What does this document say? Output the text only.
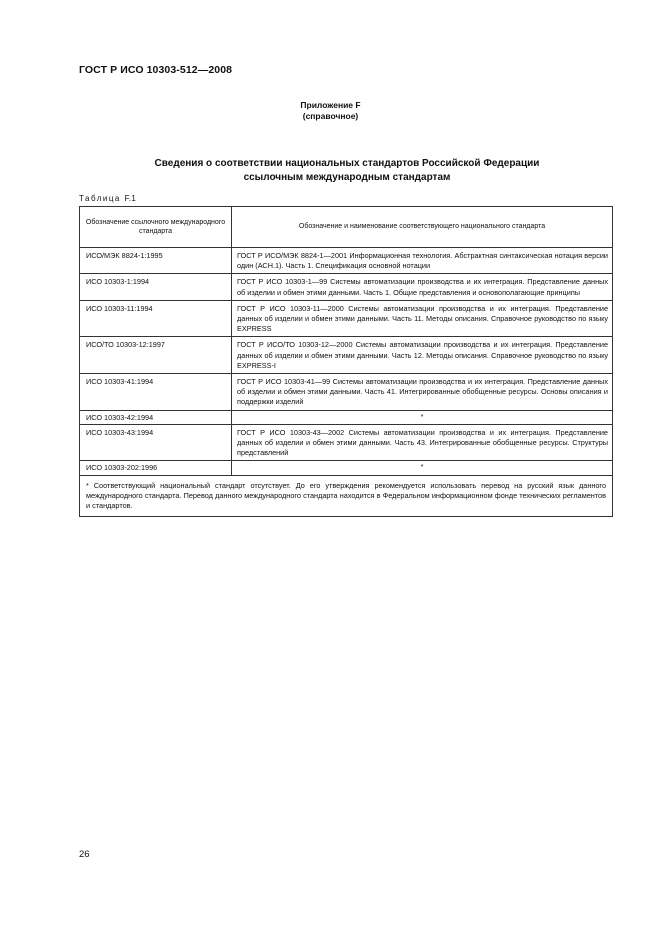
ГОСТ Р ИСО 10303-512—2008
Приложение F
(справочное)
Сведения о соответствии национальных стандартов Российской Федерации
ссылочным международным стандартам
Таблица F.1
Обозначение ссылочного международного стандарта	Обозначение и наименование соответствующего национального стандарта
ИСО/МЭК 8824-1:1995	ГОСТ Р ИСО/МЭК 8824-1—2001 Информационная технология. Абстрактная синтаксическая нотация версии один (АСН.1). Часть 1. Спецификация основной нотации
ИСО 10303-1:1994	ГОСТ Р ИСО 10303-1—99 Системы автоматизации производства и их интеграция. Представление данных об изделии и обмен этими данными. Часть 1. Общие представления и основополагающие принципы
ИСО 10303-11:1994	ГОСТ Р ИСО 10303-11—2000 Системы автоматизации производства и их интеграция. Представление данных об изделии и обмен этими данными. Часть 11. Методы описания. Справочное руководство по языку EXPRESS
ИСО/ТО 10303-12:1997	ГОСТ Р ИСО/ТО 10303-12—2000 Системы автоматизации производства и их интеграция. Представление данных об изделии и обмен этими данными. Часть 12. Методы описания. Справочное руководство по языку EXPRESS-I
ИСО 10303-41:1994	ГОСТ Р ИСО 10303-41—99 Системы автоматизации производства и их интеграция. Представление данных об изделии и обмен этими данными. Часть 41. Интегрированные обобщенные ресурсы. Основы описания и поддержки изделий
ИСО 10303-42:1994	*
ИСО 10303-43:1994	ГОСТ Р ИСО 10303-43—2002 Системы автоматизации производства и их интеграция. Представление данных об изделии и обмен этими данными. Часть 43. Интегрированные обобщенные ресурсы. Структуры представлений
ИСО 10303-202:1996	*
* Соответствующий национальный стандарт отсутствует. До его утверждения рекомендуется использовать перевод на русский язык данного международного стандарта. Перевод данного международного стандарта находится в Федеральном информационном фонде технических регламентов и стандартов.	
26
